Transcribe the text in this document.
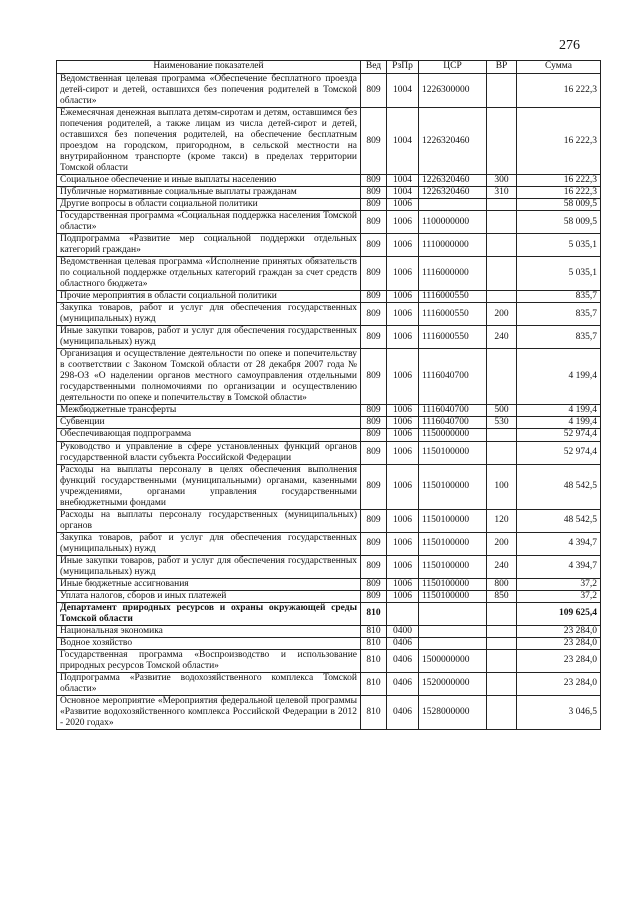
276
Наименование показателей	Вед	РзПр	ЦСР	ВР	Сумма
Ведомственная целевая программа «Обеспечение бесплатного проезда детей-сирот и детей, оставшихся без попечения родителей в Томской области»	809	1004	1226300000		16 222,3
Ежемесячная денежная выплата детям-сиротам и детям, оставшимся без попечения родителей, а также лицам из числа детей-сирот и детей, оставшихся без попечения родителей, на обеспечение бесплатным проездом на городском, пригородном, в сельской местности на внутрирайонном транспорте (кроме такси) в пределах территории Томской области	809	1004	1226320460		16 222,3
Социальное обеспечение и иные выплаты населению	809	1004	1226320460	300	16 222,3
Публичные нормативные социальные выплаты гражданам	809	1004	1226320460	310	16 222,3
Другие вопросы в области социальной политики	809	1006			58 009,5
Государственная программа «Социальная поддержка населения Томской области»	809	1006	1100000000		58 009,5
Подпрограмма «Развитие мер социальной поддержки отдельных категорий граждан»	809	1006	1110000000		5 035,1
Ведомственная целевая программа «Исполнение принятых обязательств по социальной поддержке отдельных категорий граждан за счет средств областного бюджета»	809	1006	1116000000		5 035,1
Прочие мероприятия в области социальной политики	809	1006	1116000550		835,7
Закупка товаров, работ и услуг для обеспечения государственных (муниципальных) нужд	809	1006	1116000550	200	835,7
Иные закупки товаров, работ и услуг для обеспечения государственных (муниципальных) нужд	809	1006	1116000550	240	835,7
Организация и осуществление деятельности по опеке и попечительству в соответствии с Законом Томской области от 28 декабря 2007 года № 298-ОЗ «О наделении органов местного самоуправления отдельными государственными полномочиями по организации и осуществлению деятельности по опеке и попечительству в Томской области»	809	1006	1116040700		4 199,4
Межбюджетные трансферты	809	1006	1116040700	500	4 199,4
Субвенции	809	1006	1116040700	530	4 199,4
Обеспечивающая подпрограмма	809	1006	1150000000		52 974,4
Руководство и управление в сфере установленных функций органов государственной власти субъекта Российской Федерации	809	1006	1150100000		52 974,4
Расходы на выплаты персоналу в целях обеспечения выполнения функций государственными (муниципальными) органами, казенными учреждениями, органами управления государственными внебюджетными фондами	809	1006	1150100000	100	48 542,5
Расходы на выплаты персоналу государственных (муниципальных) органов	809	1006	1150100000	120	48 542,5
Закупка товаров, работ и услуг для обеспечения государственных (муниципальных) нужд	809	1006	1150100000	200	4 394,7
Иные закупки товаров, работ и услуг для обеспечения государственных (муниципальных) нужд	809	1006	1150100000	240	4 394,7
Иные бюджетные ассигнования	809	1006	1150100000	800	37,2
Уплата налогов, сборов и иных платежей	809	1006	1150100000	850	37,2
Департамент природных ресурсов и охраны окружающей среды Томской области	810				109 625,4
Национальная экономика	810	0400			23 284,0
Водное хозяйство	810	0406			23 284,0
Государственная программа «Воспроизводство и использование природных ресурсов Томской области»	810	0406	1500000000		23 284,0
Подпрограмма «Развитие водохозяйственного комплекса Томской области»	810	0406	1520000000		23 284,0
Основное мероприятие «Мероприятия федеральной целевой программы «Развитие водохозяйственного комплекса Российской Федерации в 2012 - 2020 годах»	810	0406	1528000000		3 046,5
